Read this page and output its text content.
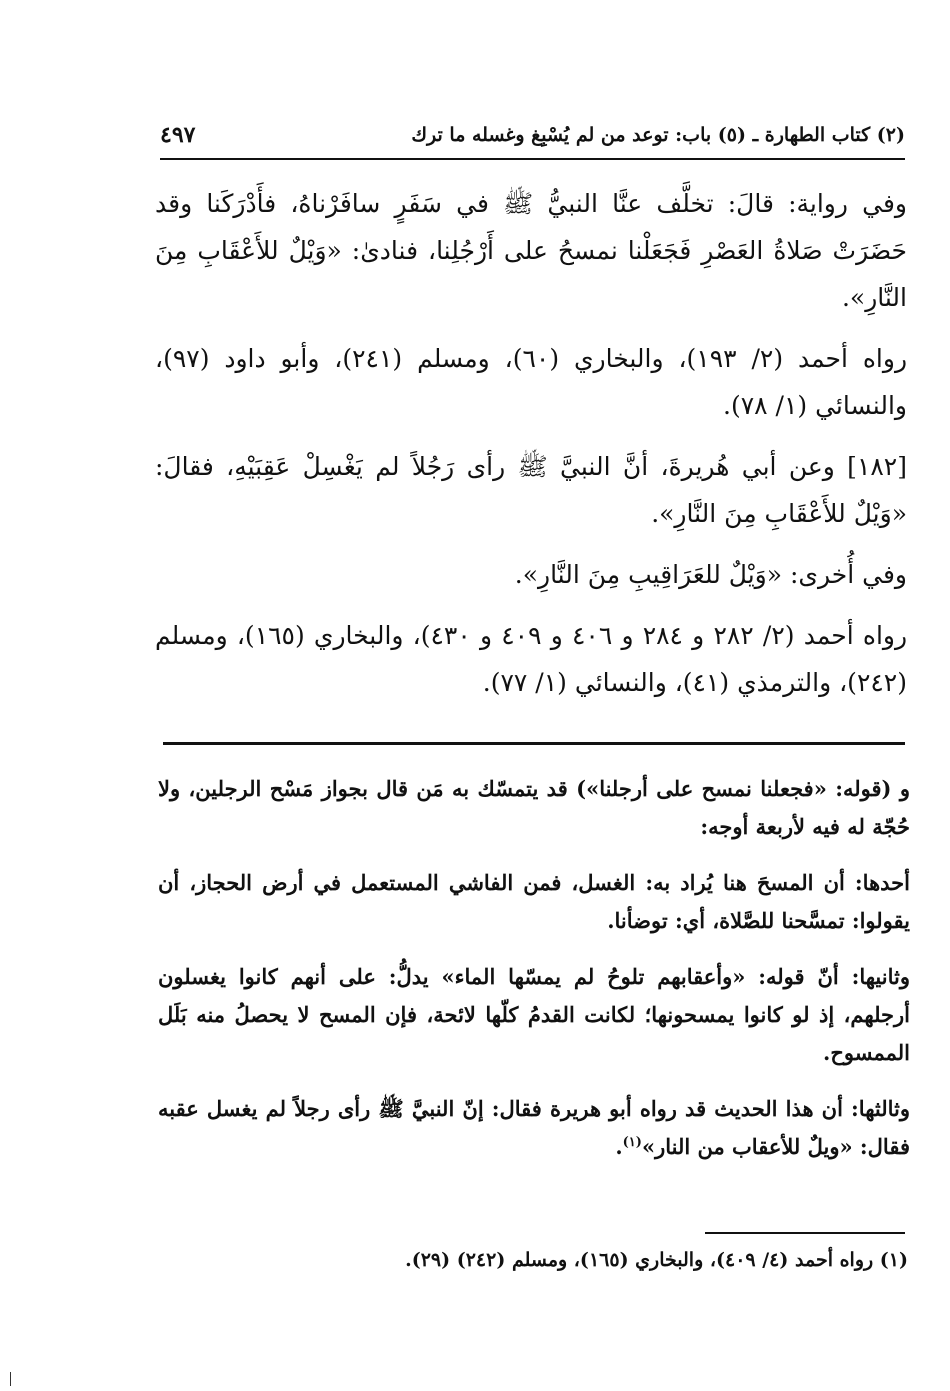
(٢) كتاب الطهارة ـ (٥) باب: توعد من لم يُسْبِغ وغسله ما ترك
٤٩٧

وفي رواية: قالَ: تخلَّف عنَّا النبيُّ ﷺ في سَفَرٍ سافَرْناهُ، فأَدْرَكَنا وقد حَضَرَتْ صَلاةُ العَصْرِ فَجَعَلْنا نمسحُ على أَرْجُلِنا، فنادىٰ: «وَيْلٌ للأَعْقَابِ مِنَ النَّارِ».

رواه أحمد (٢/ ١٩٣)، والبخاري (٦٠)، ومسلم (٢٤١)، وأبو داود (٩٧)، والنسائي (١/ ٧٨).

[١٨٢] وعن أبي هُريرةَ، أنَّ النبيَّ ﷺ رأى رَجُلاً لم يَغْسِلْ عَقِبَيْهِ، فقالَ: «وَيْلٌ للأَعْقَابِ مِنَ النَّارِ».

وفي أُخرى: «وَيْلٌ للعَرَاقِيبِ مِنَ النَّارِ».

رواه أحمد (٢/ ٢٨٢ و ٢٨٤ و ٤٠٦ و ٤٠٩ و ٤٣٠)، والبخاري (١٦٥)، ومسلم (٢٤٢)، والترمذي (٤١)، والنسائي (١/ ٧٧).

و (قوله: «فجعلنا نمسح على أرجلنا») قد يتمسّك به مَن قال بجواز مَسْح الرجلين، ولا حُجّة له فيه لأربعة أوجه:

أحدها: أن المسحَ هنا يُراد به: الغسل، فمن الفاشي المستعمل في أرض الحجاز، أن يقولوا: تمسَّحنا للصَّلاة، أي: توضأنا.

وثانيها: أنّ قوله: «وأعقابهم تلوحُ لم يمسّها الماء» يدلُّ: على أنهم كانوا يغسلون أرجلهم، إذ لو كانوا يمسحونها؛ لكانت القدمُ كلّها لائحة، فإن المسح لا يحصلُ منه بَلَل الممسوح.

وثالثها: أن هذا الحديث قد رواه أبو هريرة فقال: إنّ النبيَّ ﷺ رأى رجلاً لم يغسل عقبه فقال: «ويلٌ للأعقاب من النار»$^{(١)}$.

(١) رواه أحمد (٤/ ٤٠٩)، والبخاري (١٦٥)، ومسلم (٢٤٢) (٢٩).
